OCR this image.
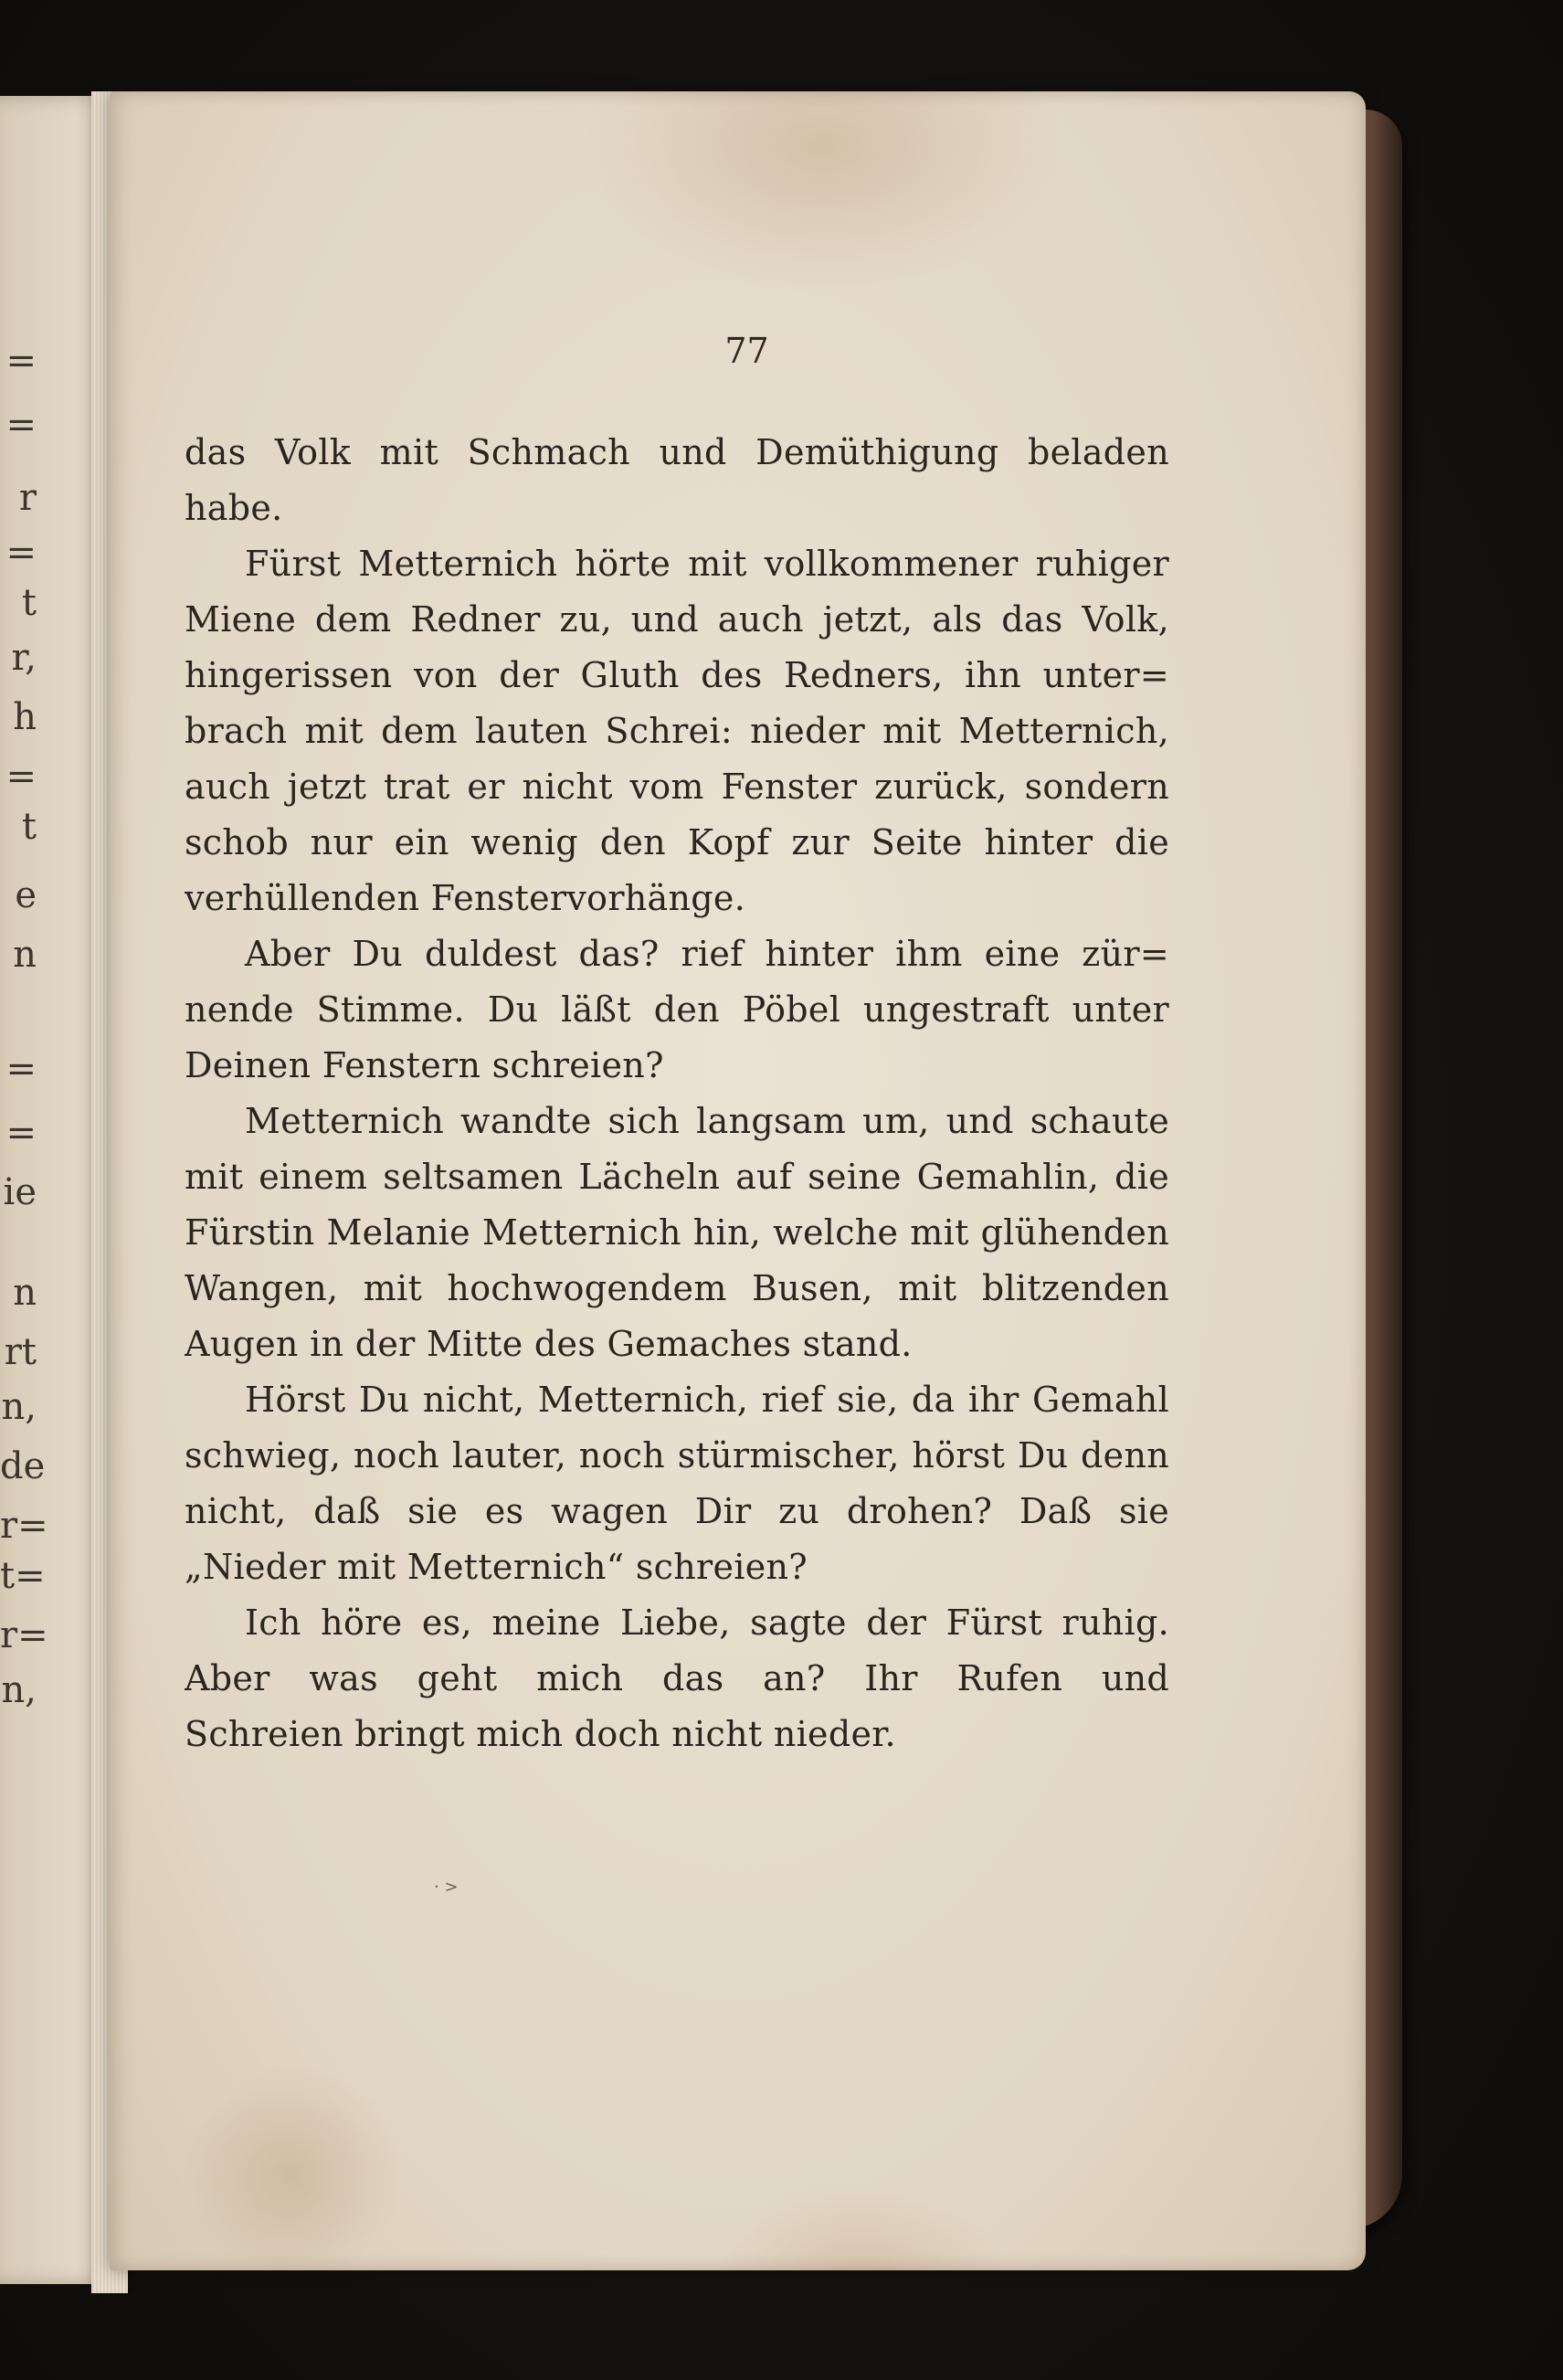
=
=
r
=
t
r,
h
=
t
e
n
=
=
ie
n
rt
n,
de
r=
t=
r=
n,
77
das Volk mit Schmach und Demüthigung beladen
habe.
Fürst Metternich hörte mit vollkommener ruhiger
Miene dem Redner zu, und auch jetzt, als das Volk,
hingerissen von der Gluth des Redners, ihn unter=
brach mit dem lauten Schrei: nieder mit Metternich,
auch jetzt trat er nicht vom Fenster zurück, sondern
schob nur ein wenig den Kopf zur Seite hinter die
verhüllenden Fenstervorhänge.
Aber Du duldest das? rief hinter ihm eine zür=
nende Stimme. Du läßt den Pöbel ungestraft unter
Deinen Fenstern schreien?
Metternich wandte sich langsam um, und schaute
mit einem seltsamen Lächeln auf seine Gemahlin, die
Fürstin Melanie Metternich hin, welche mit glühenden
Wangen, mit hochwogendem Busen, mit blitzenden
Augen in der Mitte des Gemaches stand.
Hörst Du nicht, Metternich, rief sie, da ihr Gemahl
schwieg, noch lauter, noch stürmischer, hörst Du denn
nicht, daß sie es wagen Dir zu drohen? Daß sie
„Nieder mit Metternich“ schreien?
Ich höre es, meine Liebe, sagte der Fürst ruhig.
Aber was geht mich das an? Ihr Rufen und
Schreien bringt mich doch nicht nieder.
· >
